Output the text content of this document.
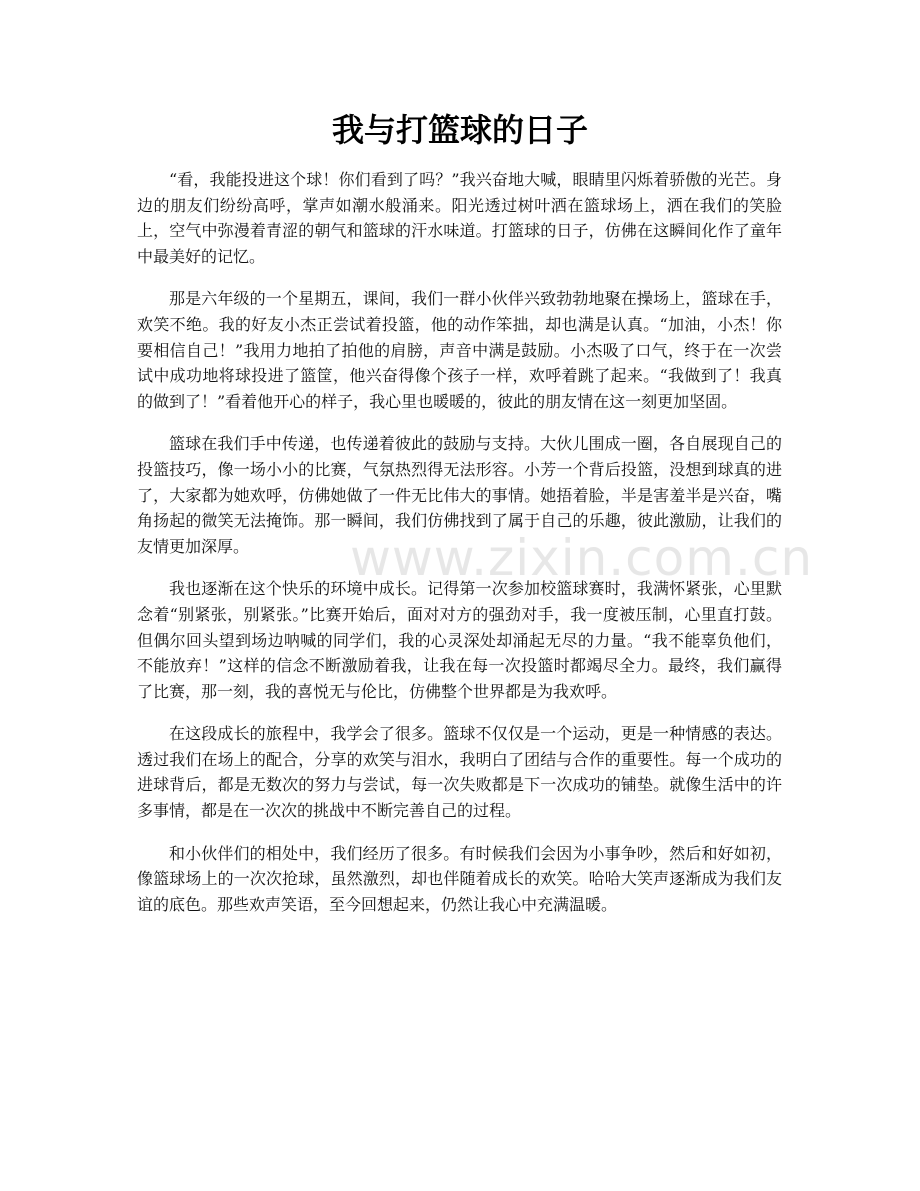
我与打篮球的日子

“看，我能投进这个球！你们看到了吗？”我兴奋地大喊，眼睛里闪烁着骄傲的光芒。身边的朋友们纷纷高呼，掌声如潮水般涌来。阳光透过树叶洒在篮球场上，洒在我们的笑脸上，空气中弥漫着青涩的朝气和篮球的汗水味道。打篮球的日子，仿佛在这瞬间化作了童年中最美好的记忆。

那是六年级的一个星期五，课间，我们一群小伙伴兴致勃勃地聚在操场上，篮球在手，欢笑不绝。我的好友小杰正尝试着投篮，他的动作笨拙，却也满是认真。“加油，小杰！你要相信自己！”我用力地拍了拍他的肩膀，声音中满是鼓励。小杰吸了口气，终于在一次尝试中成功地将球投进了篮筐，他兴奋得像个孩子一样，欢呼着跳了起来。“我做到了！我真的做到了！”看着他开心的样子，我心里也暖暖的，彼此的朋友情在这一刻更加坚固。

篮球在我们手中传递，也传递着彼此的鼓励与支持。大伙儿围成一圈，各自展现自己的投篮技巧，像一场小小的比赛，气氛热烈得无法形容。小芳一个背后投篮，没想到球真的进了，大家都为她欢呼，仿佛她做了一件无比伟大的事情。她捂着脸，半是害羞半是兴奋，嘴角扬起的微笑无法掩饰。那一瞬间，我们仿佛找到了属于自己的乐趣，彼此激励，让我们的友情更加深厚。

我也逐渐在这个快乐的环境中成长。记得第一次参加校篮球赛时，我满怀紧张，心里默念着“别紧张，别紧张。”比赛开始后，面对对方的强劲对手，我一度被压制，心里直打鼓。但偶尔回头望到场边呐喊的同学们，我的心灵深处却涌起无尽的力量。“我不能辜负他们，不能放弃！”这样的信念不断激励着我，让我在每一次投篮时都竭尽全力。最终，我们赢得了比赛，那一刻，我的喜悦无与伦比，仿佛整个世界都是为我欢呼。

在这段成长的旅程中，我学会了很多。篮球不仅仅是一个运动，更是一种情感的表达。透过我们在场上的配合，分享的欢笑与泪水，我明白了团结与合作的重要性。每一个成功的进球背后，都是无数次的努力与尝试，每一次失败都是下一次成功的铺垫。就像生活中的许多事情，都是在一次次的挑战中不断完善自己的过程。

和小伙伴们的相处中，我们经历了很多。有时候我们会因为小事争吵，然后和好如初，像篮球场上的一次次抢球，虽然激烈，却也伴随着成长的欢笑。哈哈大笑声逐渐成为我们友谊的底色。那些欢声笑语，至今回想起来，仍然让我心中充满温暖。

www.zixin.com.cn
